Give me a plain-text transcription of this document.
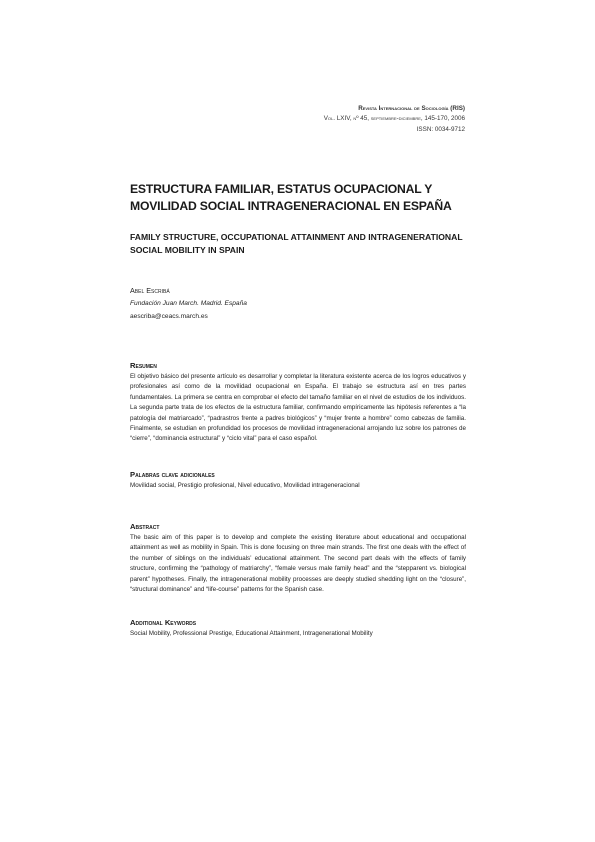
Revista Internacional de Sociología (RIS)
Vol. LXIV, nº 45, septiembre-diciembre, 145-170, 2006
ISSN: 0034-9712
ESTRUCTURA FAMILIAR, ESTATUS OCUPACIONAL Y MOVILIDAD SOCIAL INTRAGENERACIONAL EN ESPAÑA
FAMILY STRUCTURE, OCCUPATIONAL ATTAINMENT AND INTRAGENERATIONAL SOCIAL MOBILITY IN SPAIN
Abel Escribá
Fundación Juan March. Madrid. España
aescriba@ceacs.march.es
Resumen

El objetivo básico del presente artículo es desarrollar y completar la literatura existente acerca de los logros educativos y profesionales así como de la movilidad ocupacional en España. El trabajo se estructura así en tres partes fundamentales. La primera se centra en comprobar el efecto del tamaño familiar en el nivel de estudios de los individuos. La segunda parte trata de los efectos de la estructura familiar, confirmando empíricamente las hipótesis referentes a “la patología del matriarcado”, “padrastros frente a padres biológicos” y “mujer frente a hombre” como cabezas de familia. Finalmente, se estudian en profundidad los procesos de movilidad intrageneracional arrojando luz sobre los patrones de “cierre”, “dominancia estructural” y “ciclo vital” para el caso español.

Palabras clave adicionales

Movilidad social, Prestigio profesional, Nivel educativo, Movilidad intrageneracional

Abstract

The basic aim of this paper is to develop and complete the existing literature about educational and occupational attainment as well as mobility in Spain. This is done focusing on three main strands. The first one deals with the effect of the number of siblings on the individuals’ educational attainment. The second part deals with the effects of family structure, confirming the “pathology of matriarchy”, “female versus male family head” and the “stepparent vs. biological parent” hypotheses. Finally, the intragenerational mobility processes are deeply studied shedding light on the “closure”, “structural dominance” and “life-course” patterns for the Spanish case.

Additional Keywords

Social Mobility, Professional Prestige, Educational Attainment, Intragenerational Mobility
